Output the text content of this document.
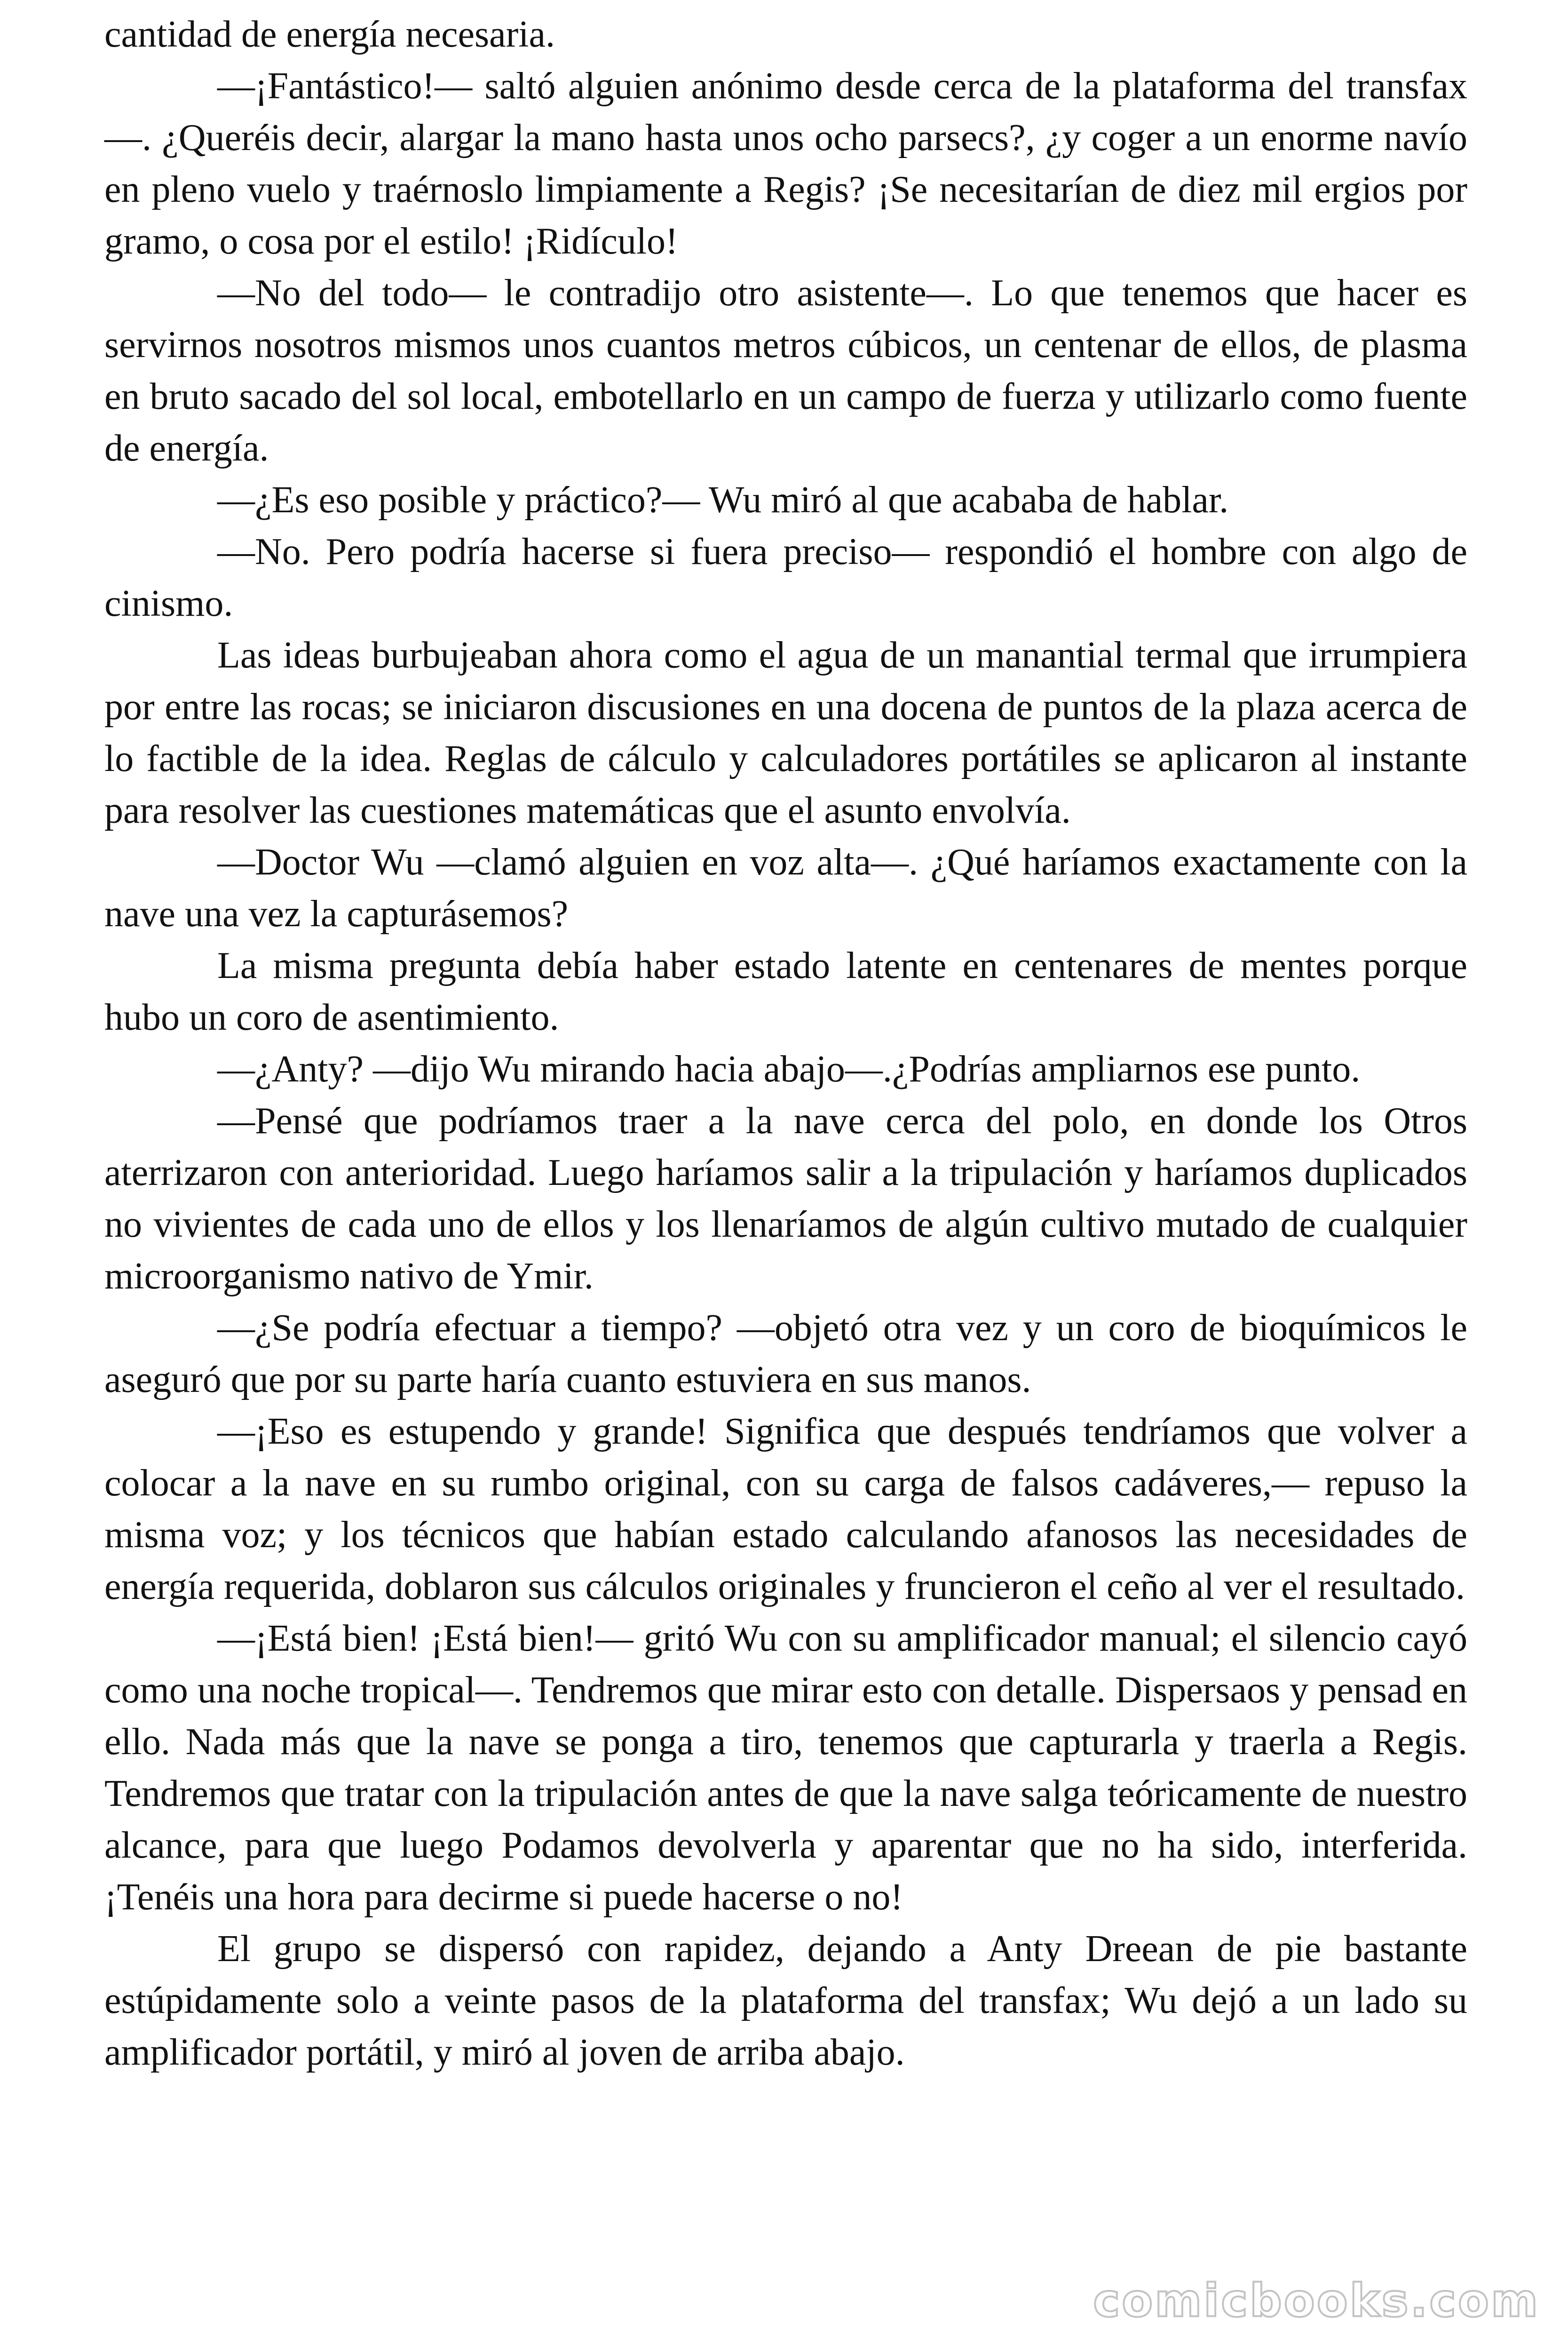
cantidad de energía necesaria.

—¡Fantástico!— saltó alguien anónimo desde cerca de la plataforma del transfax—. ¿Queréis decir, alargar la mano hasta unos ocho parsecs?, ¿y coger a un enorme navío en pleno vuelo y traérnoslo limpiamente a Regis? ¡Se necesitarían de diez mil ergios por gramo, o cosa por el estilo! ¡Ridículo!

—No del todo— le contradijo otro asistente—. Lo que tenemos que hacer es servirnos nosotros mismos unos cuantos metros cúbicos, un centenar de ellos, de plasma en bruto sacado del sol local, embotellarlo en un campo de fuerza y utilizarlo como fuente de energía.

—¿Es eso posible y práctico?— Wu miró al que acababa de hablar.

—No. Pero podría hacerse si fuera preciso— respondió el hombre con algo de cinismo.

Las ideas burbujeaban ahora como el agua de un manantial termal que irrumpiera por entre las rocas; se iniciaron discusiones en una docena de puntos de la plaza acerca de lo factible de la idea. Reglas de cálculo y calculadores portátiles se aplicaron al instante para resolver las cuestiones matemáticas que el asunto envolvía.

—Doctor Wu —clamó alguien en voz alta—. ¿Qué haríamos exactamente con la nave una vez la capturásemos?

La misma pregunta debía haber estado latente en centenares de mentes porque hubo un coro de asentimiento.

—¿Anty? —dijo Wu mirando hacia abajo—.¿Podrías ampliarnos ese punto.

—Pensé que podríamos traer a la nave cerca del polo, en donde los Otros aterrizaron con anterioridad. Luego haríamos salir a la tripulación y haríamos duplicados no vivientes de cada uno de ellos y los llenaríamos de algún cultivo mutado de cualquier microorganismo nativo de Ymir.

—¿Se podría efectuar a tiempo? —objetó otra vez y un coro de bioquímicos le aseguró que por su parte haría cuanto estuviera en sus manos.

—¡Eso es estupendo y grande! Significa que después tendríamos que volver a colocar a la nave en su rumbo original, con su carga de falsos cadáveres,— repuso la misma voz; y los técnicos que habían estado calculando afanosos las necesidades de energía requerida, doblaron sus cálculos originales y fruncieron el ceño al ver el resultado.

—¡Está bien! ¡Está bien!— gritó Wu con su amplificador manual; el silencio cayó como una noche tropical—. Tendremos que mirar esto con detalle. Dispersaos y pensad en ello. Nada más que la nave se ponga a tiro, tenemos que capturarla y traerla a Regis. Tendremos que tratar con la tripulación antes de que la nave salga teóricamente de nuestro alcance, para que luego Podamos devolverla y aparentar que no ha sido, interferida. ¡Tenéis una hora para decirme si puede hacerse o no!

El grupo se dispersó con rapidez, dejando a Anty Dreean de pie bastante estúpidamente solo a veinte pasos de la plataforma del transfax; Wu dejó a un lado su amplificador portátil, y miró al joven de arriba abajo.

comicbooks.com
